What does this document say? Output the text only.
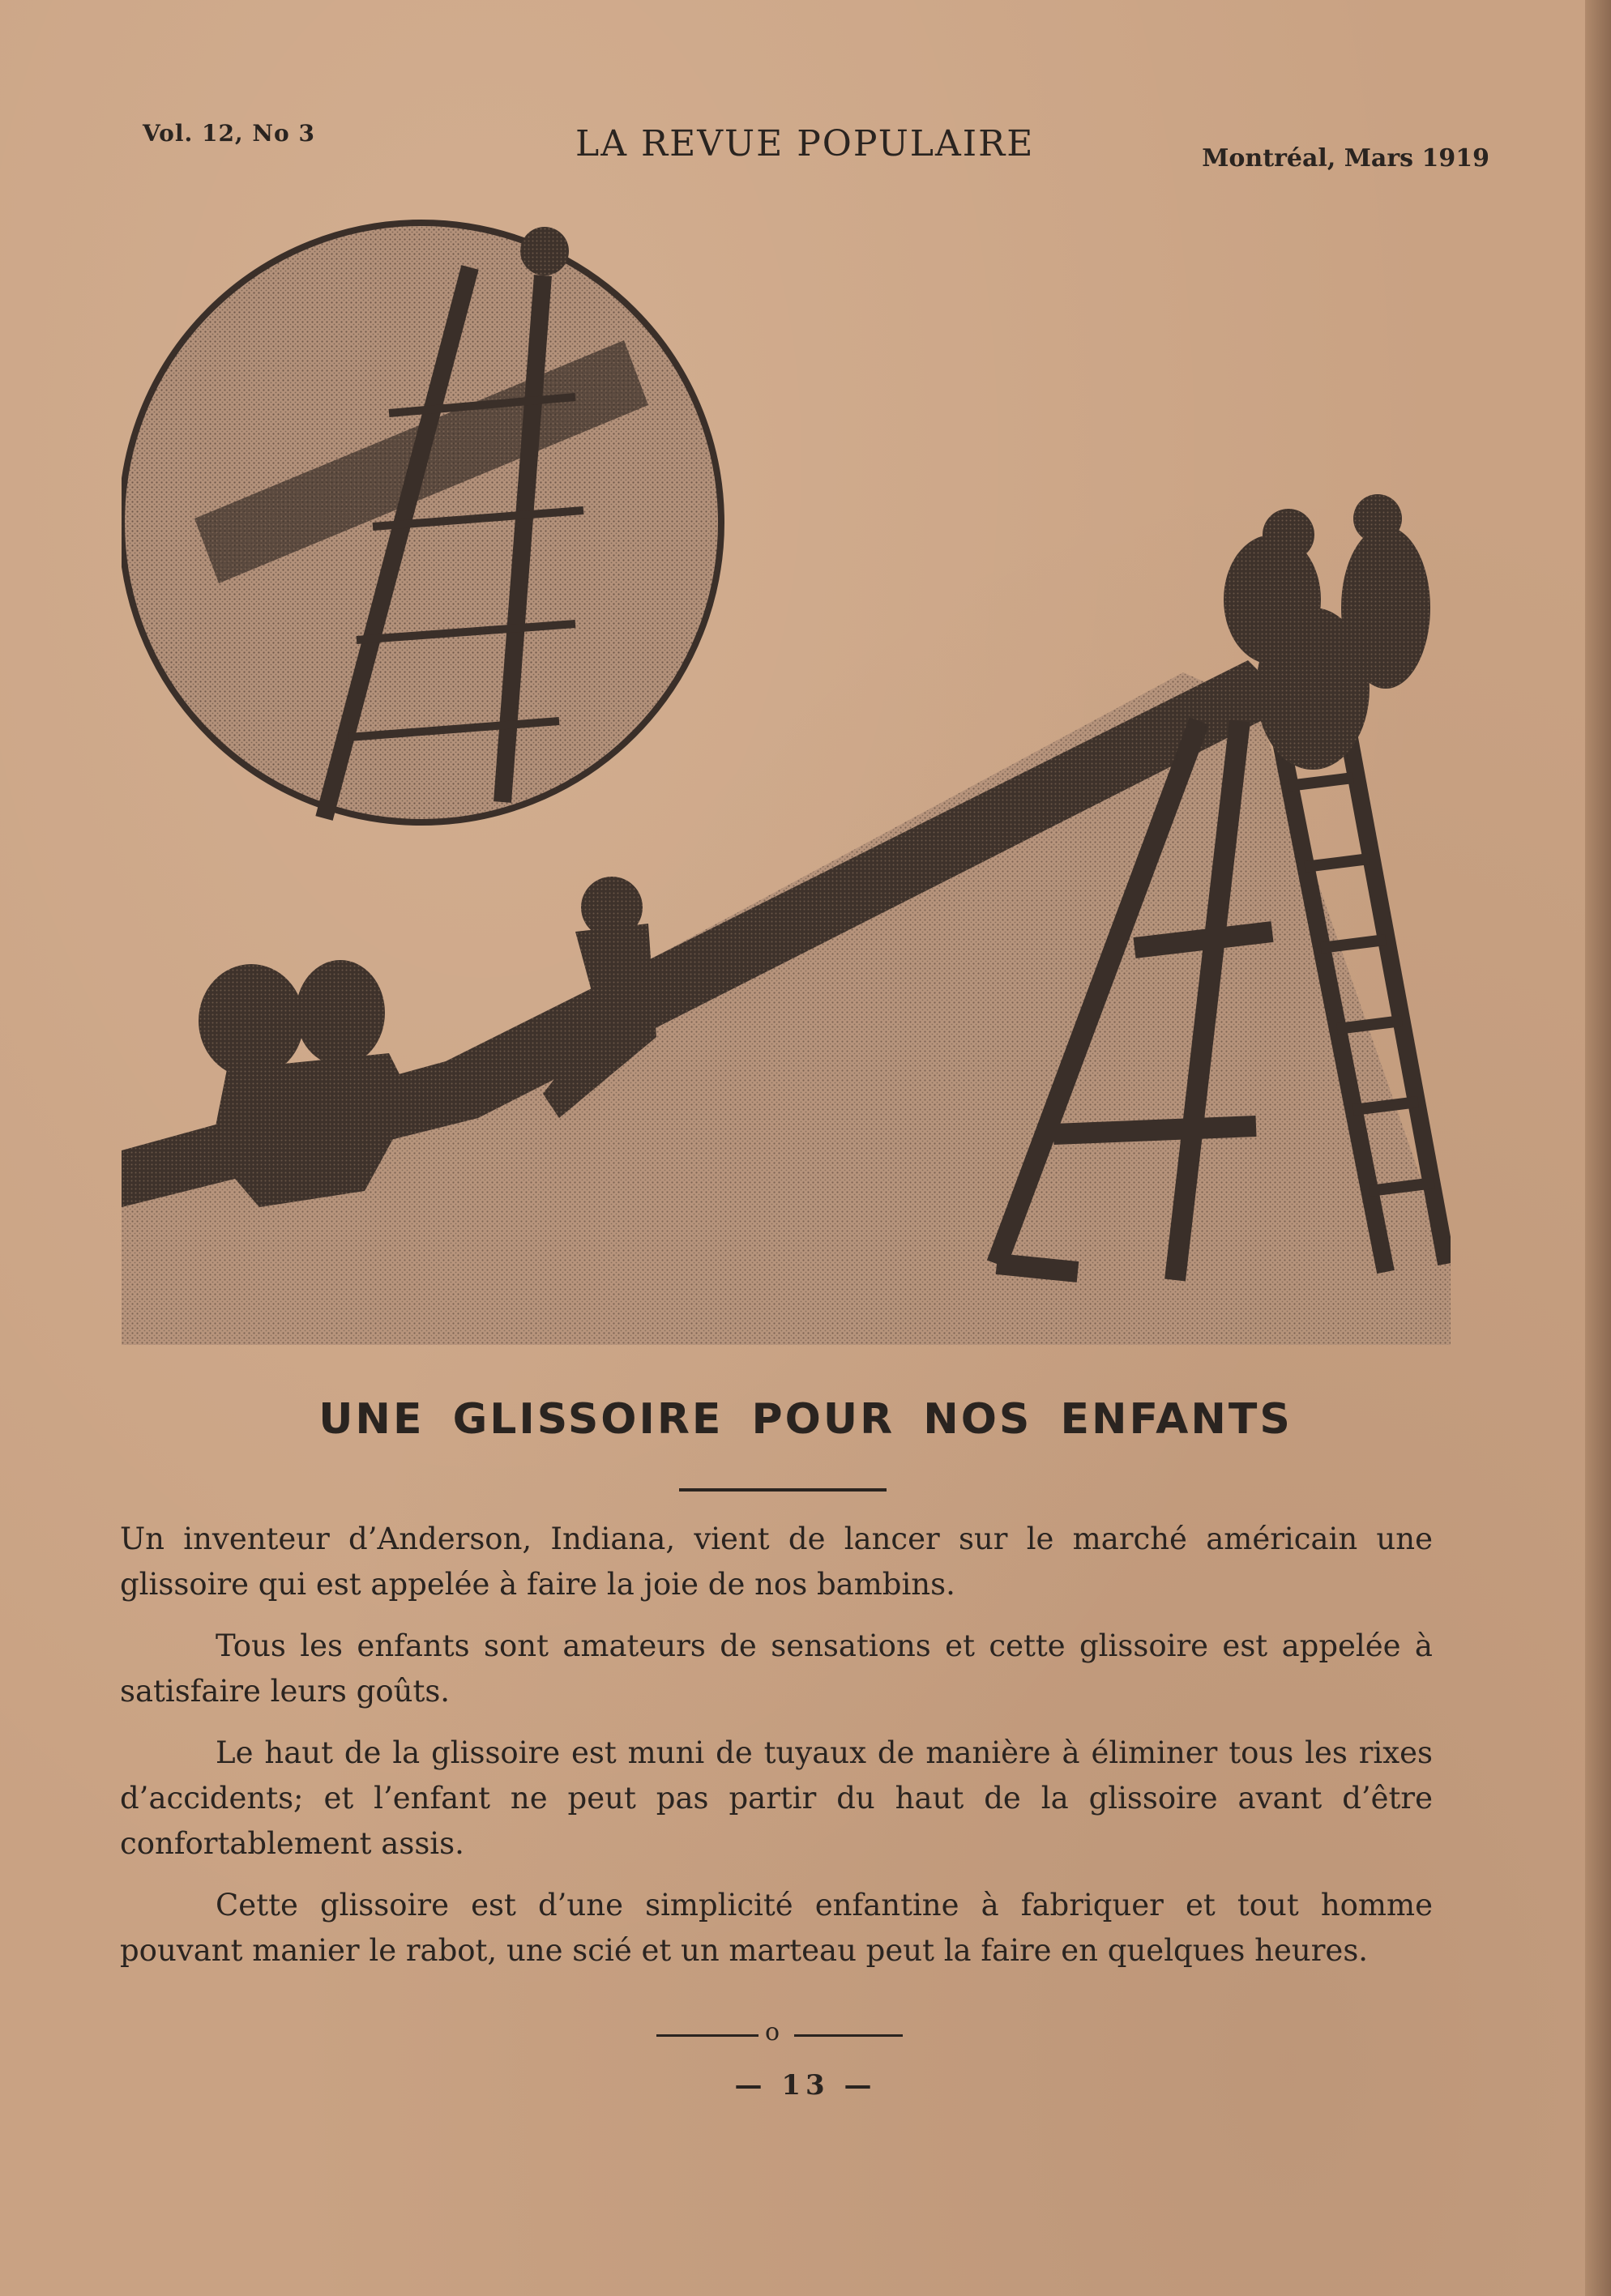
Vol. 12, No 3	LA REVUE POPULAIRE	Montréal, Mars 1919
UNE GLISSOIRE POUR NOS ENFANTS

Un inventeur d’Anderson, Indiana, vient de lancer sur le marché américain une glissoire qui est appelée à faire la joie de nos bambins.

Tous les enfants sont amateurs de sensations et cette glissoire est appelée à satisfaire leurs goûts.

Le haut de la glissoire est muni de tuyaux de manière à éliminer tous les rixes d’accidents; et l’enfant ne peut pas partir du haut de la glissoire avant d’être confortablement assis.

Cette glissoire est d’une simplicité enfantine à fabriquer et tout homme pouvant manier le rabot, une scié et un marteau peut la faire en quelques heures.

o
— 13 —
